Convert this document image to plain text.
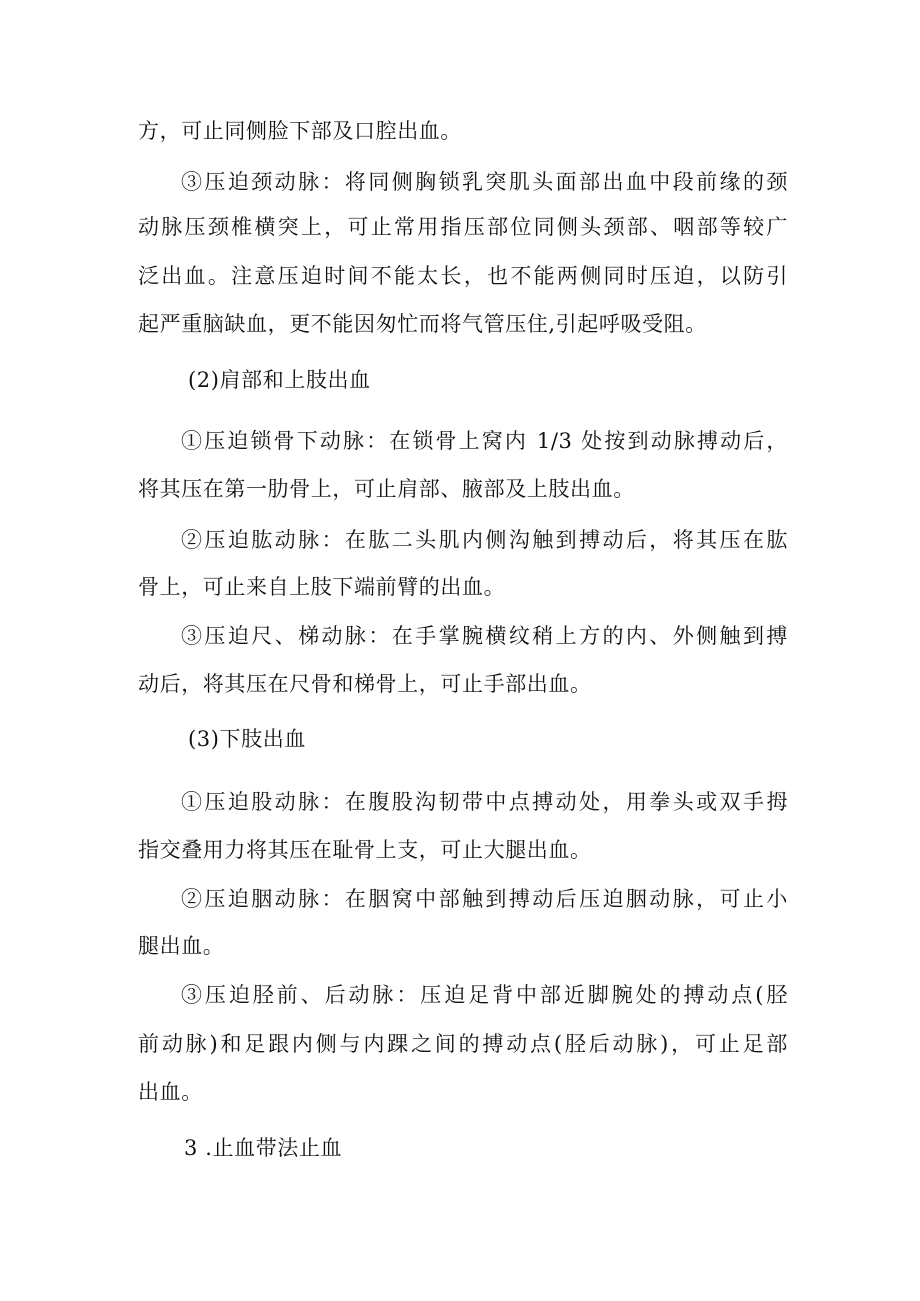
方，可止同侧脸下部及口腔出血。
③压迫颈动脉：将同侧胸锁乳突肌头面部出血中段前缘的颈
动脉压颈椎横突上，可止常用指压部位同侧头颈部、咽部等较广
泛出血。注意压迫时间不能太长，也不能两侧同时压迫，以防引
起严重脑缺血，更不能因匆忙而将气管压住,引起呼吸受阻。
(2)肩部和上肢出血
①压迫锁骨下动脉：在锁骨上窝内 1/3 处按到动脉搏动后，
将其压在第一肋骨上，可止肩部、腋部及上肢出血。
②压迫肱动脉：在肱二头肌内侧沟触到搏动后，将其压在肱
骨上，可止来自上肢下端前臂的出血。
③压迫尺、梯动脉：在手掌腕横纹稍上方的内、外侧触到搏
动后，将其压在尺骨和梯骨上，可止手部出血。
(3)下肢出血
①压迫股动脉：在腹股沟韧带中点搏动处，用拳头或双手拇
指交叠用力将其压在耻骨上支，可止大腿出血。
②压迫胭动脉：在胭窝中部触到搏动后压迫胭动脉，可止小
腿出血。
③压迫胫前、后动脉：压迫足背中部近脚腕处的搏动点(胫
前动脉)和足跟内侧与内踝之间的搏动点(胫后动脉)，可止足部
出血。
3 .止血带法止血
